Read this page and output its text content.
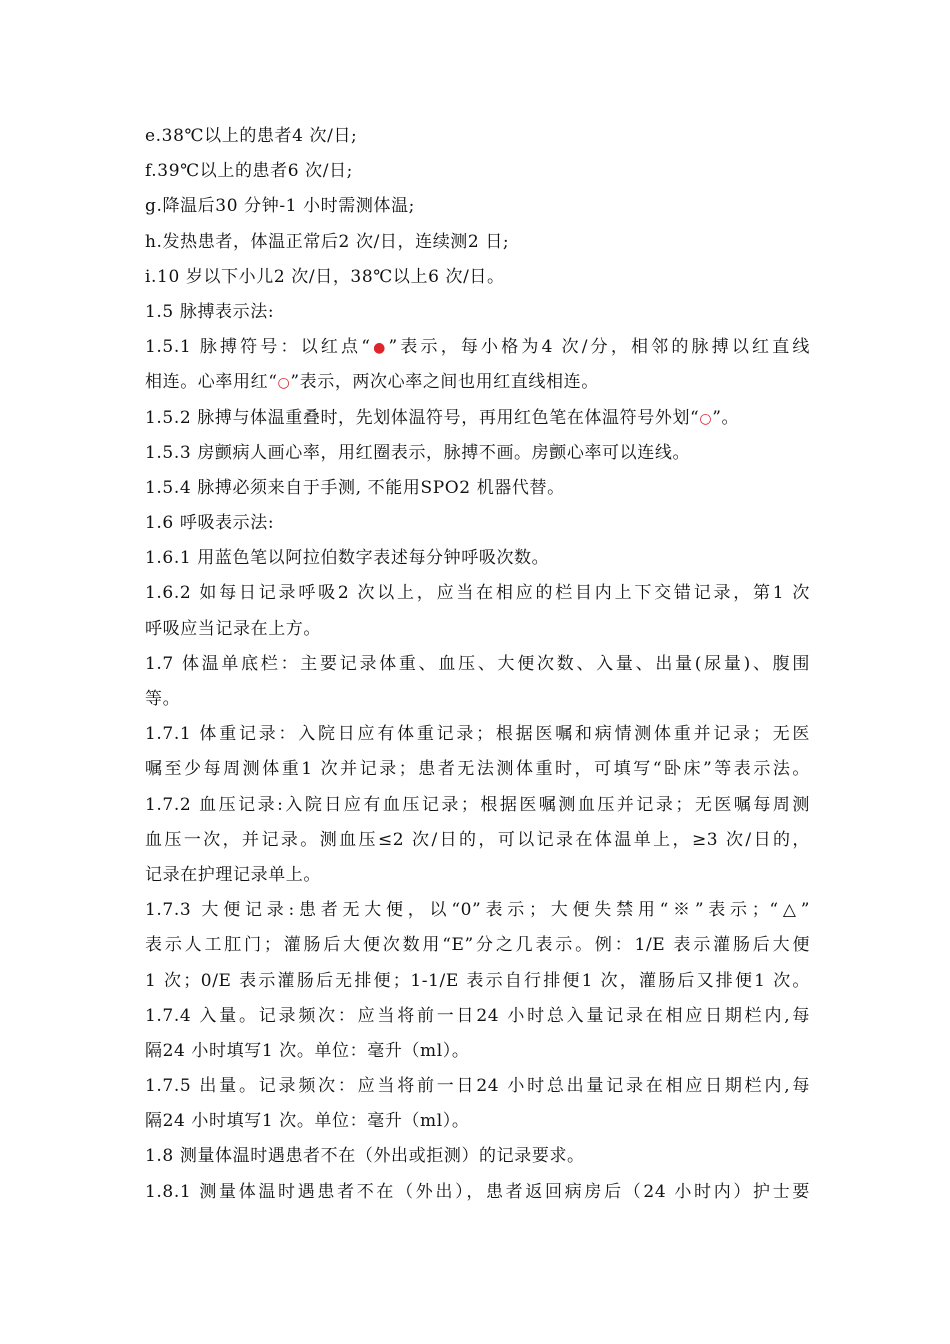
e.38℃以上的患者4 次/日;
f.39℃以上的患者6 次/日;
g.降温后30 分钟-1 小时需测体温;
h.发热患者，体温正常后2 次/日，连续测2 日;
i.10 岁以下小儿2 次/日，38℃以上6 次/日。
1.5 脉搏表示法:
1.5.1 脉搏符号：以红点“●”表示，每小格为4 次/分，相邻的脉搏以红直线
相连。心率用红“○”表示，两次心率之间也用红直线相连。
1.5.2 脉搏与体温重叠时，先划体温符号，再用红色笔在体温符号外划“○”。
1.5.3 房颤病人画心率，用红圈表示，脉搏不画。房颤心率可以连线。
1.5.4 脉搏必须来自于手测, 不能用SPO2 机器代替。
1.6 呼吸表示法:
1.6.1 用蓝色笔以阿拉伯数字表述每分钟呼吸次数。
1.6.2 如每日记录呼吸2 次以上，应当在相应的栏目内上下交错记录，第1 次
呼吸应当记录在上方。
1.7 体温单底栏：主要记录体重、血压、大便次数、入量、出量(尿量)、腹围
等。
1.7.1 体重记录：入院日应有体重记录；根据医嘱和病情测体重并记录；无医
嘱至少每周测体重1 次并记录；患者无法测体重时，可填写“卧床”等表示法。
1.7.2 血压记录:入院日应有血压记录；根据医嘱测血压并记录；无医嘱每周测
血压一次，并记录。测血压≤2 次/日的，可以记录在体温单上，≥3 次/日的，
记录在护理记录单上。
1.7.3 大便记录:患者无大便，以“0”表示；大便失禁用“※”表示；“△”
表示人工肛门；灌肠后大便次数用“E”分之几表示。例：1/E 表示灌肠后大便
1 次；0/E 表示灌肠后无排便；1-1/E 表示自行排便1 次，灌肠后又排便1 次。
1.7.4 入量。记录频次：应当将前一日24 小时总入量记录在相应日期栏内,每
隔24 小时填写1 次。单位：毫升（ml）。
1.7.5 出量。记录频次：应当将前一日24 小时总出量记录在相应日期栏内,每
隔24 小时填写1 次。单位：毫升（ml）。
1.8 测量体温时遇患者不在（外出或拒测）的记录要求。
1.8.1 测量体温时遇患者不在（外出），患者返回病房后（24 小时内）护士要
